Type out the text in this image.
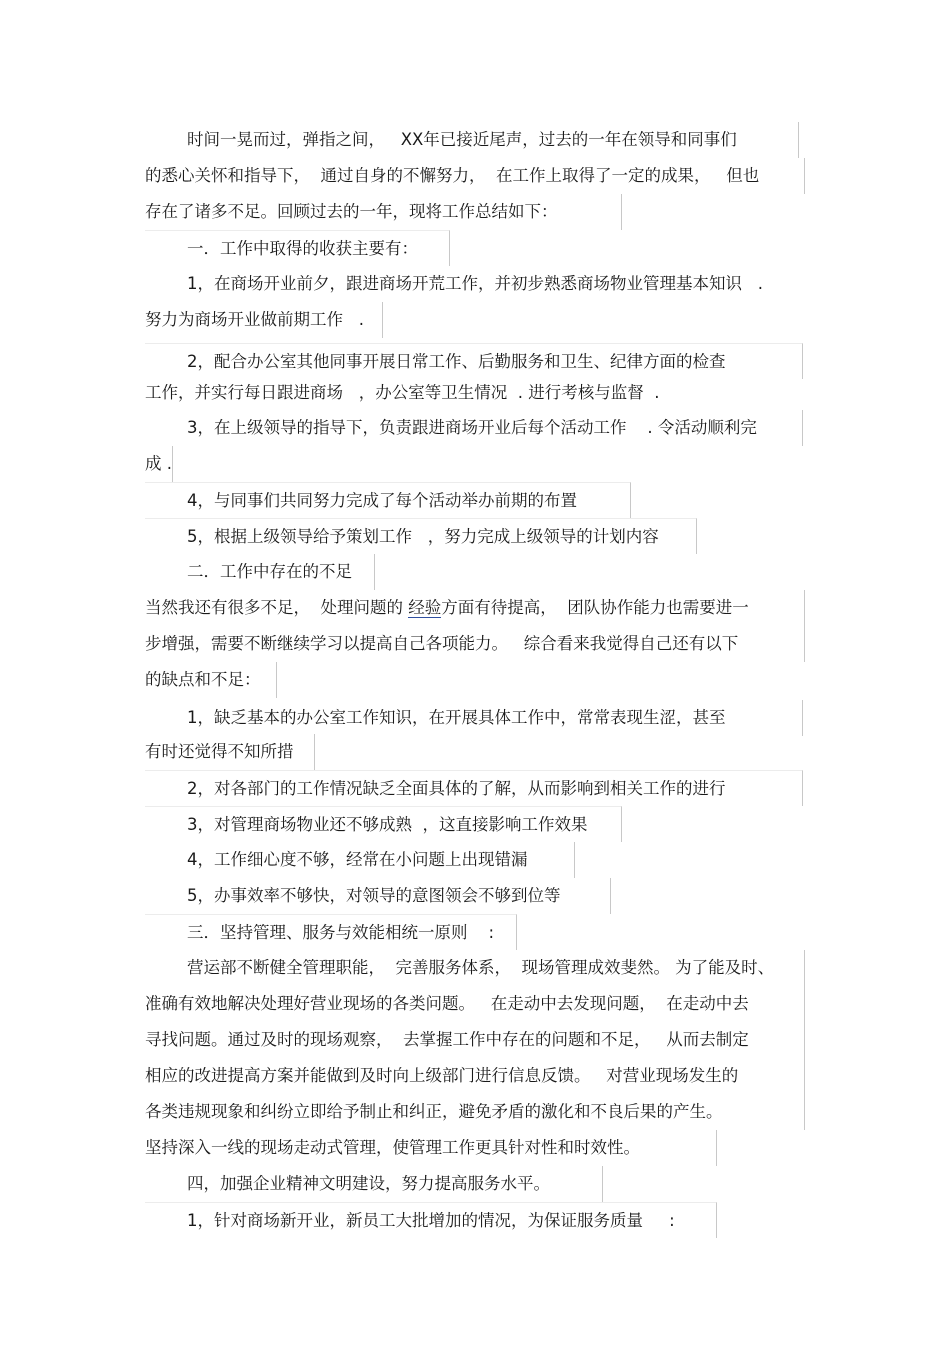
时间一晃而过，弹指之间，   XX年已接近尾声，过去的一年在领导和同事们
的悉心关怀和指导下，  通过自身的不懈努力，  在工作上取得了一定的成果，   但也
存在了诸多不足。回顾过去的一年，现将工作总结如下：
一．工作中取得的收获主要有：
1，在商场开业前夕，跟进商场开荒工作，并初步熟悉商场物业管理基本知识   .
努力为商场开业做前期工作   .
2，配合办公室其他同事开展日常工作、后勤服务和卫生、纪律方面的检查
工作，并实行每日跟进商场   ，办公室等卫生情况  . 进行考核与监督  .
3，在上级领导的指导下，负责跟进商场开业后每个活动工作    . 令活动顺利完
成 .
4，与同事们共同努力完成了每个活动举办前期的布置
5，根据上级领导给予策划工作   ，努力完成上级领导的计划内容
二．工作中存在的不足
当然我还有很多不足，  处理问题的 经验方面有待提高，  团队协作能力也需要进一
步增强，需要不断继续学习以提高自己各项能力。   综合看来我觉得自己还有以下
的缺点和不足：
1，缺乏基本的办公室工作知识，在开展具体工作中，常常表现生涩，甚至
有时还觉得不知所措
2，对各部门的工作情况缺乏全面具体的了解，从而影响到相关工作的进行
3，对管理商场物业还不够成熟  ，这直接影响工作效果
4，工作细心度不够，经常在小问题上出现错漏
5，办事效率不够快，对领导的意图领会不够到位等
三．坚持管理、服务与效能相统一原则    :
营运部不断健全管理职能，  完善服务体系，  现场管理成效斐然。 为了能及时、
准确有效地解决处理好营业现场的各类问题。   在走动中去发现问题，  在走动中去
寻找问题。通过及时的现场观察，  去掌握工作中存在的问题和不足，   从而去制定
相应的改进提高方案并能做到及时向上级部门进行信息反馈。   对营业现场发生的
各类违规现象和纠纷立即给予制止和纠正，避免矛盾的激化和不良后果的产生。
坚持深入一线的现场走动式管理，使管理工作更具针对性和时效性。
四，加强企业精神文明建设，努力提高服务水平。
1，针对商场新开业，新员工大批增加的情况，为保证服务质量     :
